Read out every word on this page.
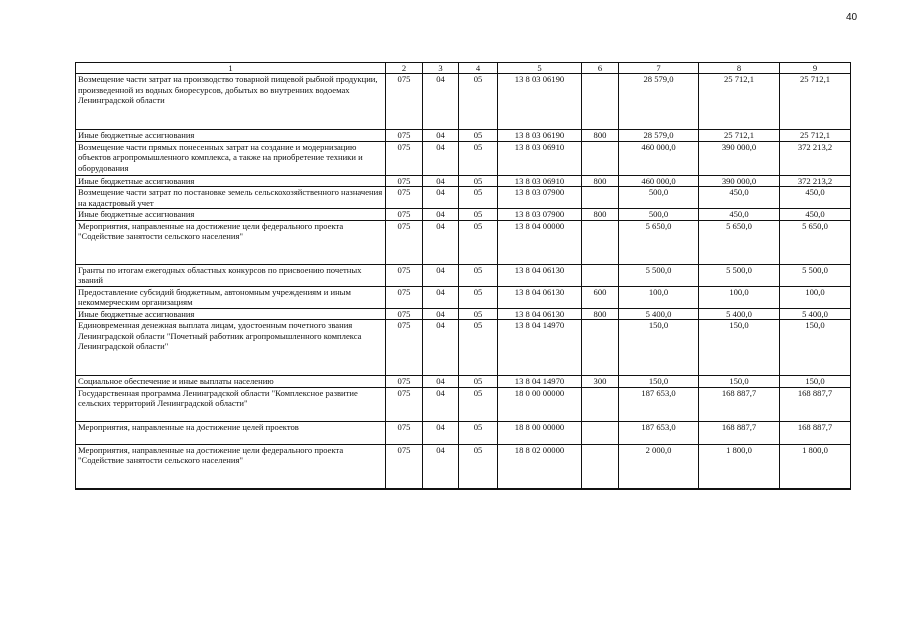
40
1	2	3	4	5	6	7	8	9
Возмещение части затрат на производство товарной пищевой рыбной продукции, произведенной из водных биоресурсов, добытых во внутренних водоемах Ленинградской области	075	04	05	13 8 03 06190		28 579,0	25 712,1	25 712,1
Иные бюджетные ассигнования	075	04	05	13 8 03 06190	800	28 579,0	25 712,1	25 712,1
Возмещение части прямых понесенных затрат на создание и модернизацию объектов агропромышленного комплекса, а также на приобретение техники и оборудования	075	04	05	13 8 03 06910		460 000,0	390 000,0	372 213,2
Иные бюджетные ассигнования	075	04	05	13 8 03 06910	800	460 000,0	390 000,0	372 213,2
Возмещение части затрат по постановке земель сельскохозяйственного назначения на кадастровый учет	075	04	05	13 8 03 07900		500,0	450,0	450,0
Иные бюджетные ассигнования	075	04	05	13 8 03 07900	800	500,0	450,0	450,0
Мероприятия, направленные на достижение цели федерального проекта "Содействие занятости сельского населения"	075	04	05	13 8 04 00000		5 650,0	5 650,0	5 650,0
Гранты по итогам ежегодных областных конкурсов по присвоению почетных званий	075	04	05	13 8 04 06130		5 500,0	5 500,0	5 500,0
Предоставление субсидий бюджетным, автономным учреждениям и иным некоммерческим организациям	075	04	05	13 8 04 06130	600	100,0	100,0	100,0
Иные бюджетные ассигнования	075	04	05	13 8 04 06130	800	5 400,0	5 400,0	5 400,0
Единовременная денежная выплата лицам, удостоенным почетного звания Ленинградской области "Почетный работник агропромышленного комплекса Ленинградской области"	075	04	05	13 8 04 14970		150,0	150,0	150,0
Социальное обеспечение и иные выплаты населению	075	04	05	13 8 04 14970	300	150,0	150,0	150,0
Государственная программа Ленинградской области "Комплексное развитие сельских территорий Ленинградской области"	075	04	05	18 0 00 00000		187 653,0	168 887,7	168 887,7
Мероприятия, направленные на достижение целей проектов	075	04	05	18 8 00 00000		187 653,0	168 887,7	168 887,7
Мероприятия, направленные на достижение цели федерального проекта "Содействие занятости сельского населения"	075	04	05	18 8 02 00000		2 000,0	1 800,0	1 800,0
